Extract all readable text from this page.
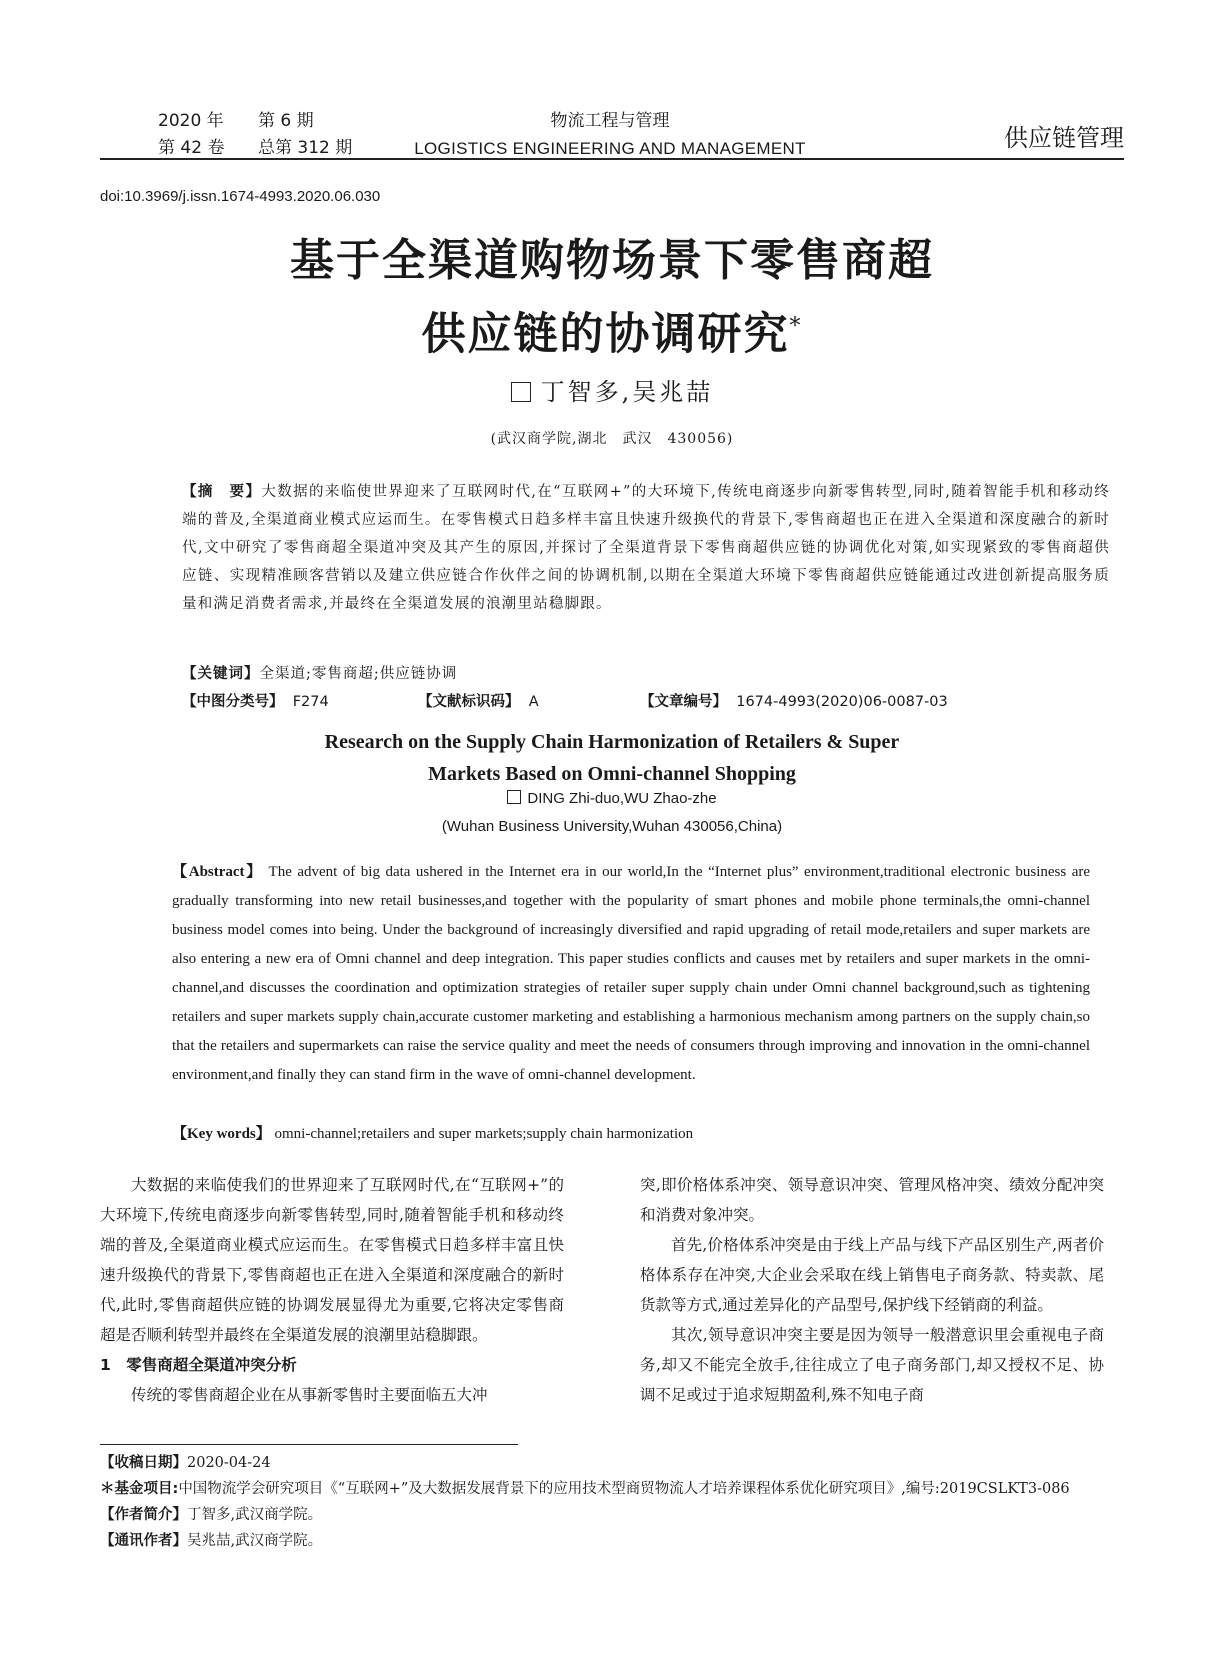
2020 年 第 6 期
第 42 卷 总第 312 期
物流工程与管理
LOGISTICS ENGINEERING AND MANAGEMENT	供应链管理
doi:10.3969/j.issn.1674-4993.2020.06.030
基于全渠道购物场景下零售商超
供应链的协调研究*
丁智多,吴兆喆
(武汉商学院,湖北　武汉　430056)
【摘　要】大数据的来临使世界迎来了互联网时代,在“互联网+”的大环境下,传统电商逐步向新零售转型,同时,随着智能手机和移动终端的普及,全渠道商业模式应运而生。在零售模式日趋多样丰富且快速升级换代的背景下,零售商超也正在进入全渠道和深度融合的新时代,文中研究了零售商超全渠道冲突及其产生的原因,并探讨了全渠道背景下零售商超供应链的协调优化对策,如实现紧致的零售商超供应链、实现精准顾客营销以及建立供应链合作伙伴之间的协调机制,以期在全渠道大环境下零售商超供应链能通过改进创新提高服务质量和满足消费者需求,并最终在全渠道发展的浪潮里站稳脚跟。
【关键词】全渠道;零售商超;供应链协调
【中图分类号】 F274	【文献标识码】 A	【文章编号】 1674-4993(2020)06-0087-03
Research on the Supply Chain Harmonization of Retailers & Super
Markets Based on Omni-channel Shopping
DING Zhi-duo,WU Zhao-zhe
(Wuhan Business University,Wuhan 430056,China)
【Abstract】 The advent of big data ushered in the Internet era in our world,In the “Internet plus” environment,traditional electronic business are gradually transforming into new retail businesses,and together with the popularity of smart phones and mobile phone terminals,the omni-channel business model comes into being. Under the background of increasingly diversified and rapid upgrading of retail mode,retailers and super markets are also entering a new era of Omni channel and deep integration. This paper studies conflicts and causes met by retailers and super markets in the omni-channel,and discusses the coordination and optimization strategies of retailer super supply chain under Omni channel background,such as tightening retailers and super markets supply chain,accurate customer marketing and establishing a harmonious mechanism among partners on the supply chain,so that the retailers and supermarkets can raise the service quality and meet the needs of consumers through improving and innovation in the omni-channel environment,and finally they can stand firm in the wave of omni-channel development.
【Key words】 omni-channel;retailers and super markets;supply chain harmonization

大数据的来临使我们的世界迎来了互联网时代,在“互联网+”的大环境下,传统电商逐步向新零售转型,同时,随着智能手机和移动终端的普及,全渠道商业模式应运而生。在零售模式日趋多样丰富且快速升级换代的背景下,零售商超也正在进入全渠道和深度融合的新时代,此时,零售商超供应链的协调发展显得尤为重要,它将决定零售商超是否顺利转型并最终在全渠道发展的浪潮里站稳脚跟。

1　零售商超全渠道冲突分析

传统的零售商超企业在从事新零售时主要面临五大冲

突,即价格体系冲突、领导意识冲突、管理风格冲突、绩效分配冲突和消费对象冲突。

首先,价格体系冲突是由于线上产品与线下产品区别生产,两者价格体系存在冲突,大企业会采取在线上销售电子商务款、特卖款、尾货款等方式,通过差异化的产品型号,保护线下经销商的利益。

其次,领导意识冲突主要是因为领导一般潜意识里会重视电子商务,却又不能完全放手,往往成立了电子商务部门,却又授权不足、协调不足或过于追求短期盈利,殊不知电子商

【收稿日期】2020-04-24
＊基金项目: 中国物流学会研究项目《“互联网+”及大数据发展背景下的应用技术型商贸物流人才培养课程体系优化研究项目》,编号:2019CSLKT3-086
【作者简介】丁智多,武汉商学院。
【通讯作者】吴兆喆,武汉商学院。
